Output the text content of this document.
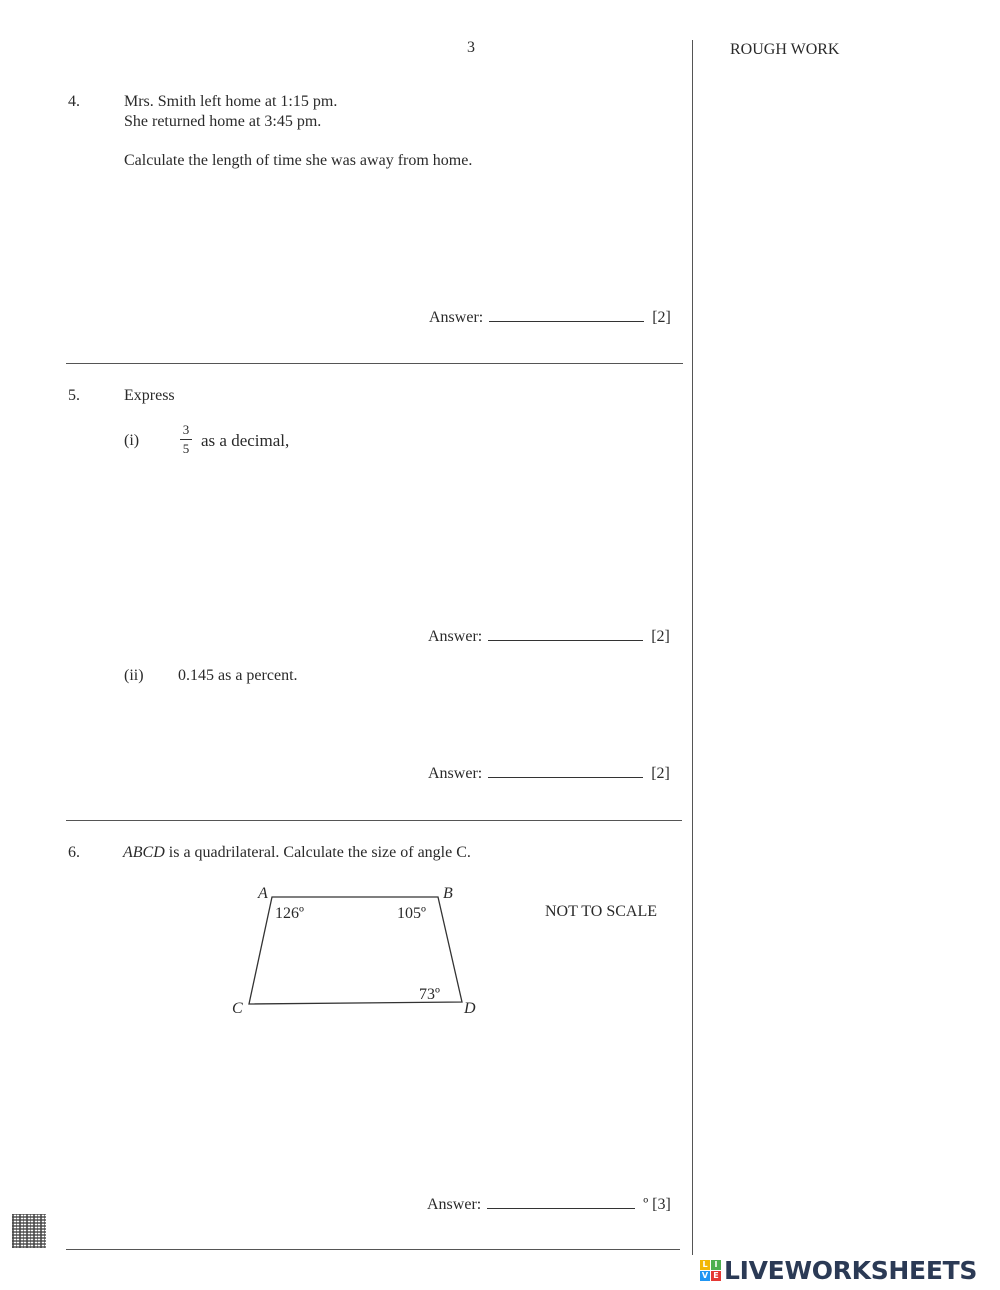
3	ROUGH WORK
4.	Mrs. Smith left home at 1:15 pm.
She returned home at 3:45 pm.
Calculate the length of time she was away from home.
Answer:	[2]
5.	Express
(i)
3
5 as a decimal,
Answer:	[2]
(ii) 0.145 as a percent.
Answer:	[2]
6.	ABCD is a quadrilateral. Calculate the size of angle C.
NOT TO SCALE
A	B
C	D
126º	105º
73º
Answer:	º [3]
L I
V E LIVEWORKSHEETS
